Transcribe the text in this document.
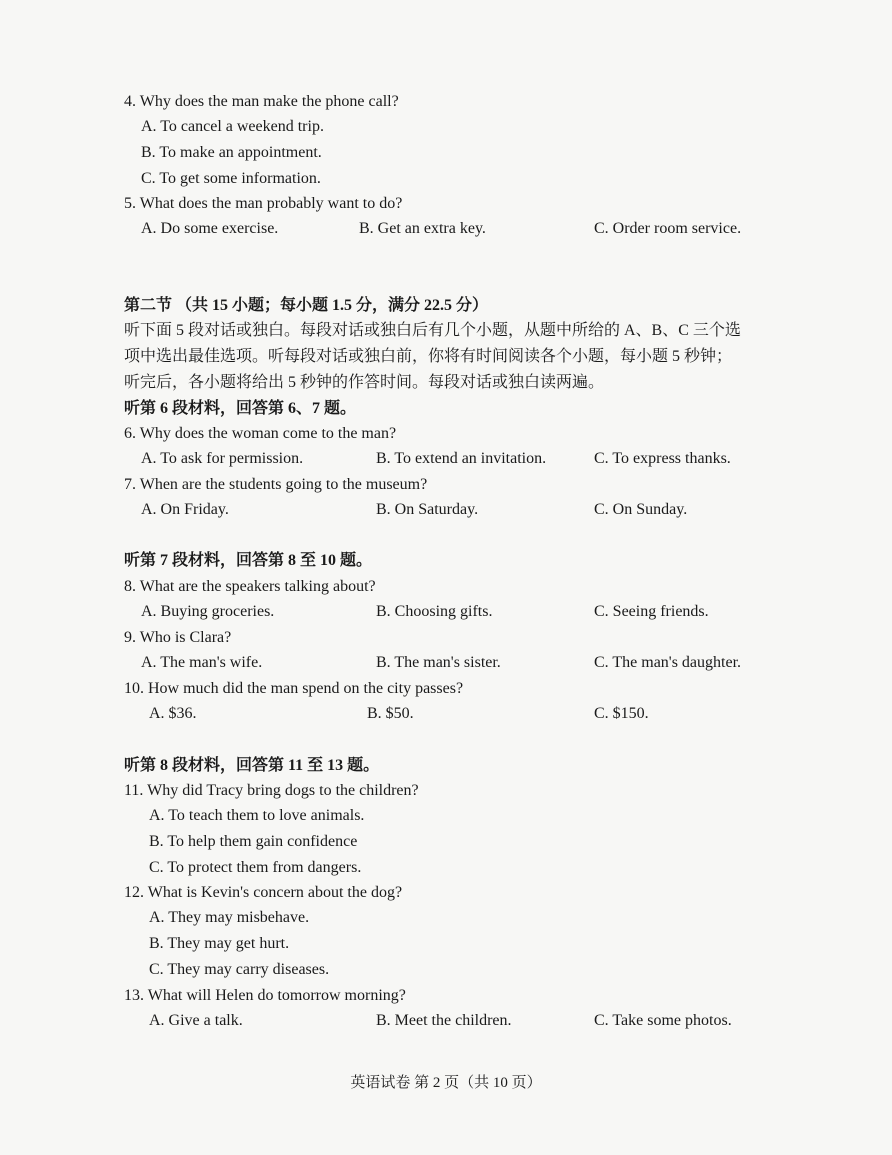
4. Why does the man make the phone call?
A. To cancel a weekend trip.
B. To make an appointment.
C. To get some information.
5. What does the man probably want to do?
A. Do some exercise.	B. Get an extra key.	C. Order room service.
第二节 （共 15 小题；每小题 1.5 分，满分 22.5 分）
听下面 5 段对话或独白。每段对话或独白后有几个小题，从题中所给的 A、B、C 三个选
项中选出最佳选项。听每段对话或独白前，你将有时间阅读各个小题，每小题 5 秒钟；
听完后，各小题将给出 5 秒钟的作答时间。每段对话或独白读两遍。
听第 6 段材料，回答第 6、7 题。
6. Why does the woman come to the man?
A. To ask for permission.	B. To extend an invitation.	C. To express thanks.
7. When are the students going to the museum?
A. On Friday.	B. On Saturday.	C. On Sunday.
听第 7 段材料，回答第 8 至 10 题。
8. What are the speakers talking about?
A. Buying groceries.	B. Choosing gifts.	C. Seeing friends.
9. Who is Clara?
A. The man's wife.	B. The man's sister.	C. The man's daughter.
10. How much did the man spend on the city passes?
A. $36.	B. $50.	C. $150.
听第 8 段材料，回答第 11 至 13 题。
11. Why did Tracy bring dogs to the children?
A. To teach them to love animals.
B. To help them gain confidence
C. To protect them from dangers.
12. What is Kevin's concern about the dog?
A. They may misbehave.
B. They may get hurt.
C. They may carry diseases.
13. What will Helen do tomorrow morning?
A. Give a talk.	B. Meet the children.	C. Take some photos.
英语试卷 第 2 页（共 10 页）
